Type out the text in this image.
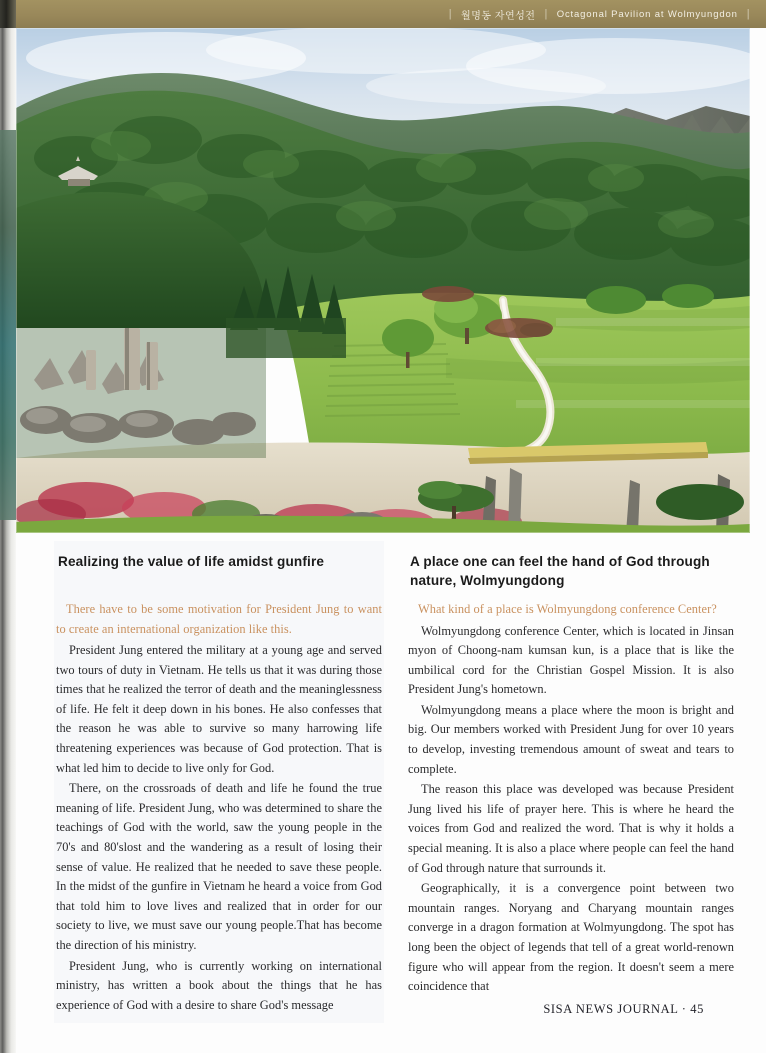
| 월명동 자연성전 | Octagonal Pavilion at Wolmyungdon |
Realizing the value of life amidst gunfire

There have to be some motivation for President Jung to want to create an international organization like this.

President Jung entered the military at a young age and served two tours of duty in Vietnam. He tells us that it was during those times that he realized the terror of death and the meaninglessness of life. He felt it deep down in his bones. He also confesses that the reason he was able to survive so many harrowing life threatening experiences was because of God protection. That is what led him to decide to live only for God.

There, on the crossroads of death and life he found the true meaning of life. President Jung, who was determined to share the teachings of God with the world, saw the young people in the 70's and 80'slost and the wandering as a result of losing their sense of value. He realized that he needed to save these people. In the midst of the gunfire in Vietnam he heard a voice from God that told him to love lives and realized that in order for our society to live, we must save our young people.That has become the direction of his ministry.

President Jung, who is currently working on international ministry, has written a book about the things that he has experience of God with a desire to share God's message

A place one can feel the hand of God through nature, Wolmyungdong

What kind of a place is Wolmyungdong conference Center?

Wolmyungdong conference Center, which is located in Jinsan myon of Choong-nam kumsan kun, is a place that is like the umbilical cord for the Christian Gospel Mission. It is also President Jung's hometown.

Wolmyungdong means a place where the moon is bright and big. Our members worked with President Jung for over 10 years to develop, investing tremendous amount of sweat and tears to complete.

The reason this place was developed was because President Jung lived his life of prayer here. This is where he heard the voices from God and realized the word. That is why it holds a special meaning. It is also a place where people can feel the hand of God through nature that surrounds it.

Geographically, it is a convergence point between two mountain ranges. Noryang and Charyang mountain ranges converge in a dragon formation at Wolmyungdong. The spot has long been the object of legends that tell of a great world-renown figure who will appear from the region. It doesn't seem a mere coincidence that

SISA NEWS JOURNAL · 45
